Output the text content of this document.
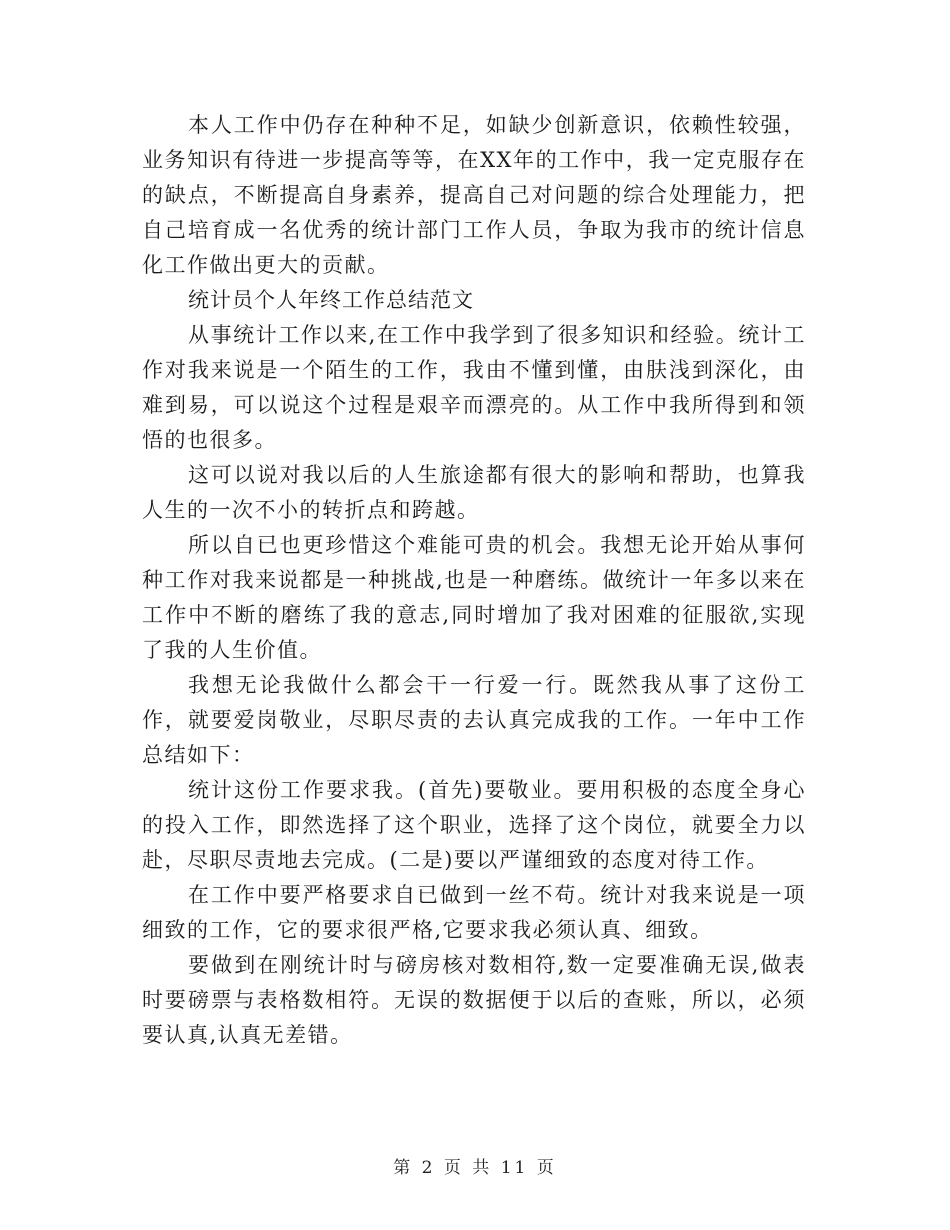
本人工作中仍存在种种不足，如缺少创新意识，依赖性较强，业务知识有待进一步提高等等，在XX年的工作中，我一定克服存在的缺点，不断提高自身素养，提高自己对问题的综合处理能力，把自己培育成一名优秀的统计部门工作人员，争取为我市的统计信息化工作做出更大的贡献。

统计员个人年终工作总结范文

从事统计工作以来,在工作中我学到了很多知识和经验。统计工作对我来说是一个陌生的工作，我由不懂到懂，由肤浅到深化，由难到易，可以说这个过程是艰辛而漂亮的。从工作中我所得到和领悟的也很多。

这可以说对我以后的人生旅途都有很大的影响和帮助，也算我人生的一次不小的转折点和跨越。

所以自已也更珍惜这个难能可贵的机会。我想无论开始从事何种工作对我来说都是一种挑战,也是一种磨练。做统计一年多以来在工作中不断的磨练了我的意志,同时增加了我对困难的征服欲,实现了我的人生价值。

我想无论我做什么都会干一行爱一行。既然我从事了这份工作，就要爱岗敬业，尽职尽责的去认真完成我的工作。一年中工作总结如下：

统计这份工作要求我。(首先)要敬业。要用积极的态度全身心的投入工作，即然选择了这个职业，选择了这个岗位，就要全力以赴，尽职尽责地去完成。(二是)要以严谨细致的态度对待工作。

在工作中要严格要求自已做到一丝不苟。统计对我来说是一项细致的工作，它的要求很严格,它要求我必须认真、细致。

要做到在刚统计时与磅房核对数相符,数一定要准确无误,做表时要磅票与表格数相符。无误的数据便于以后的查账，所以，必须要认真,认真无差错。

第 2 页 共 11 页
